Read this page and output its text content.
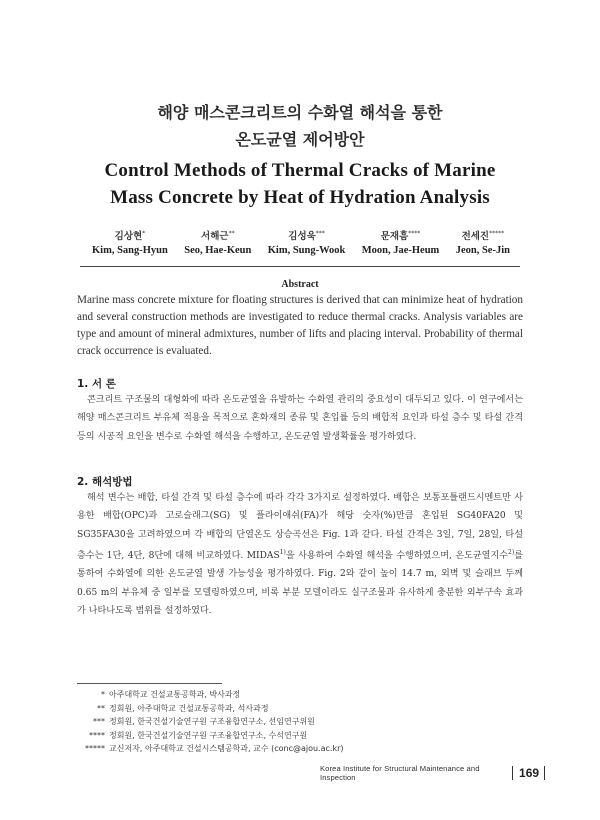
해양 매스콘크리트의 수화열 해석을 통한
온도균열 제어방안
Control Methods of Thermal Cracks of Marine
Mass Concrete by Heat of Hydration Analysis
김상현*
Kim, Sang-Hyun
서해근**
Seo, Hae-Keun
김성욱***
Kim, Sung-Wook
문재흠****
Moon, Jae-Heum
전세진*****
Jeon, Se-Jin
Abstract
Marine mass concrete mixture for floating structures is derived that can minimize heat of hydration and several construction methods are investigated to reduce thermal cracks. Analysis variables are type and amount of mineral admixtures, number of lifts and placing interval. Probability of thermal crack occurrence is evaluated.
1. 서 론
콘크리트 구조물의 대형화에 따라 온도균열을 유발하는 수화열 관리의 중요성이 대두되고 있다. 이 연구에서는 해양 매스콘크리트 부유체 적용을 목적으로 혼화재의 종류 및 혼입률 등의 배합적 요인과 타설 층수 및 타설 간격 등의 시공적 요인을 변수로 수화열 해석을 수행하고, 온도균열 발생확률을 평가하였다.
2. 해석방법
해석 변수는 배합, 타설 간격 및 타설 층수에 따라 각각 3가지로 설정하였다. 배합은 보통포틀랜드시멘트만 사용한 배합(OPC)과 고로슬래그(SG) 및 플라이애쉬(FA)가 해당 숫자(%)만큼 혼입된 SG40FA20 및 SG35FA30을 고려하였으며 각 배합의 단열온도 상승곡선은 Fig. 1과 같다. 타설 간격은 3일, 7일, 28일, 타설 층수는 1단, 4단, 8단에 대해 비교하였다. MIDAS$^{1)}$을 사용하여 수화열 해석을 수행하였으며, 온도균열지수$^{2)}$를 통하여 수화열에 의한 온도균열 발생 가능성을 평가하였다. Fig. 2와 같이 높이 14.7 m, 외벽 및 슬래브 두께 0.65 m의 부유체 중 일부를 모델링하였으며, 비록 부분 모델이라도 실구조물과 유사하게 충분한 외부구속 효과가 나타나도록 범위를 설정하였다.
* 아주대학교 건설교통공학과, 박사과정
** 정회원, 아주대학교 건설교통공학과, 석사과정
*** 정회원, 한국건설기술연구원 구조융합연구소, 선임연구위원
**** 정회원, 한국건설기술연구원 구조융합연구소, 수석연구원
***** 교신저자, 아주대학교 건설시스템공학과, 교수 (conc@ajou.ac.kr)
Korea Institute for Structural Maintenance and Inspection	169
